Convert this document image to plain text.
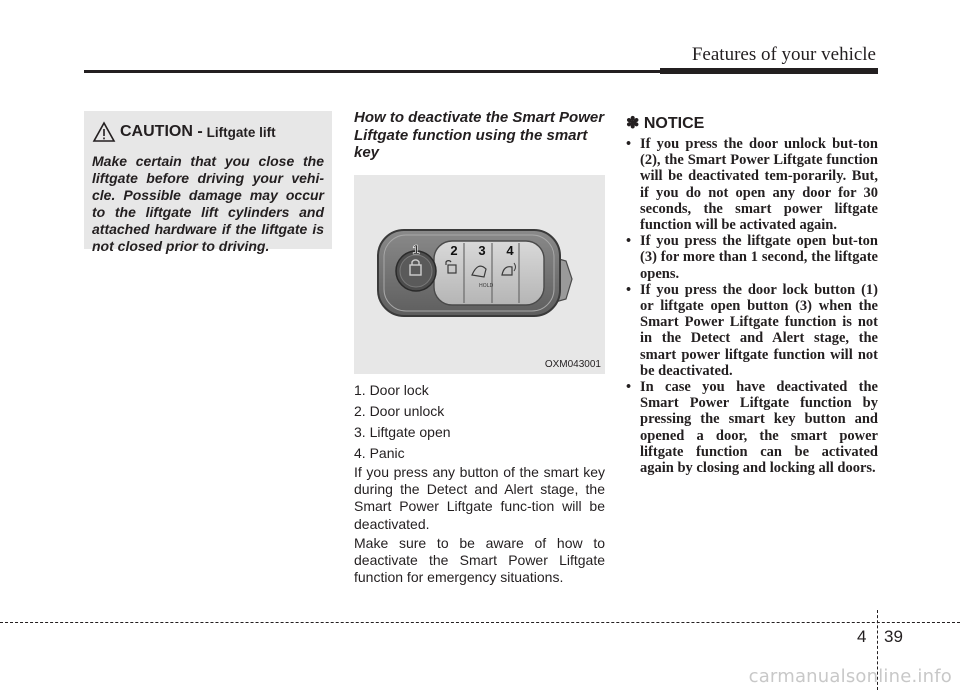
Features of your vehicle
CAUTION - Liftgate lift
Make certain that you close the liftgate before driving your vehi-cle. Possible damage may occur to the liftgate lift cylinders and attached hardware if the liftgate is not closed prior to driving.
How to deactivate the Smart Power Liftgate function using the smart key
HOLD
1 2 3 4
OXM043001
1. Door lock
2. Door unlock
3. Liftgate open
4. Panic

If you press any button of the smart key during the Detect and Alert stage, the Smart Power Liftgate func-tion will be deactivated.

Make sure to be aware of how to deactivate the Smart Power Liftgate function for emergency situations.

✽ NOTICE
• If you press the door unlock but-ton (2), the Smart Power Liftgate function will be deactivated tem-porarily. But, if you do not open any door for 30 seconds, the smart power liftgate function will be activated again.
• If you press the liftgate open but-ton (3) for more than 1 second, the liftgate opens.
• If you press the door lock button (1) or liftgate open button (3) when the Smart Power Liftgate function is not in the Detect and Alert stage, the smart power liftgate function will not be deactivated.
• In case you have deactivated the Smart Power Liftgate function by pressing the smart key button and opened a door, the smart power liftgate function can be activated again by closing and locking all doors.
4 39
carmanualsonline.info
